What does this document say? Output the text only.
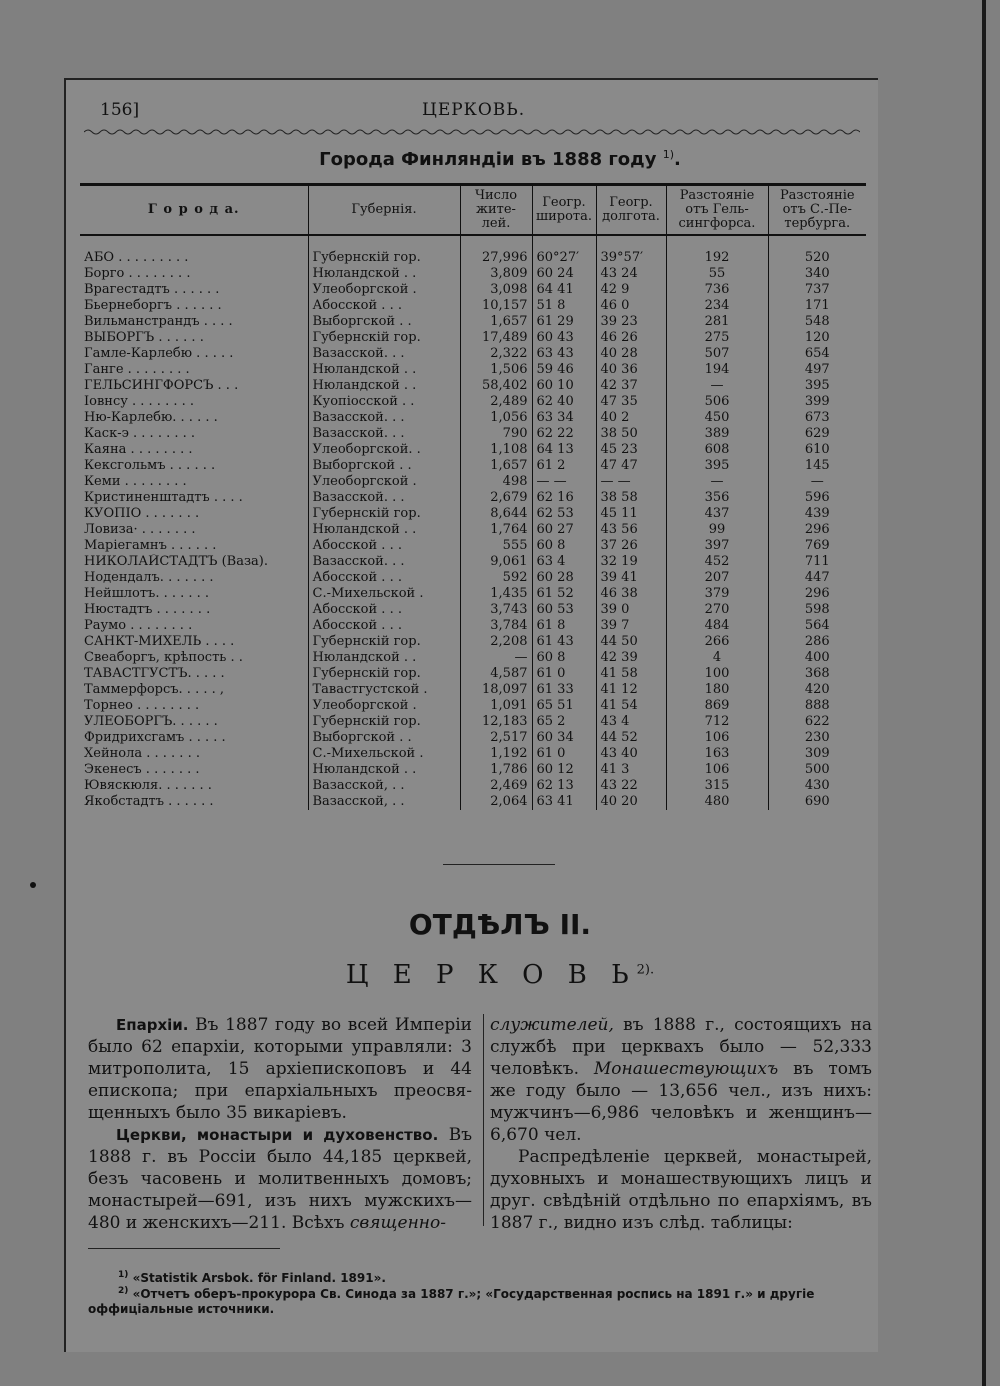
156]	ЦЕРКОВЬ.
Города Финляндіи въ 1888 году $^{1)}$.
Г о р о д а.	Губернія.	Число жите-лей.	Геогр. широта.	Геогр. долгота.	Разстояніе отъ Гель-сингфорса.	Разстояніе отъ С.-Пе-тербурга.

АБО . . . . . . . . .	Губернскій гор.	27,996	60°27′	39°57′	192	520
Борго . . . . . . . .	Нюландской . .	3,809	60 24	43 24	55	340
Врагестадтъ . . . . . .	Улеоборгской .	3,098	64 41	42 9	736	737
Бьернеборгъ . . . . . .	Абосской . . .	10,157	51 8	46 0	234	171
Вильманстрандъ . . . .	Выборгской . .	1,657	61 29	39 23	281	548
ВЫБОРГЪ . . . . . .	Губернскій гор.	17,489	60 43	46 26	275	120
Гамле-Карлебю . . . . .	Вазасской. . .	2,322	63 43	40 28	507	654
Ганге . . . . . . . .	Нюландской . .	1,506	59 46	40 36	194	497
ГЕЛЬСИНГФОРСЪ . . .	Нюландской . .	58,402	60 10	42 37	—	395
Іовнсу . . . . . . . .	Куопіосской . .	2,489	62 40	47 35	506	399
Ню-Карлебю. . . . . .	Вазасской. . .	1,056	63 34	40 2	450	673
Каск-э . . . . . . . .	Вазасской. . .	790	62 22	38 50	389	629
Каяна . . . . . . . .	Улеоборгской. .	1,108	64 13	45 23	608	610
Кексгольмъ . . . . . .	Выборгской . .	1,657	61 2	47 47	395	145
Кеми . . . . . . . .	Улеоборгской .	498	— —	— —	—	—
Кристиненштадтъ . . . .	Вазасской. . .	2,679	62 16	38 58	356	596
КУОПІО . . . . . . .	Губернскій гор.	8,644	62 53	45 11	437	439
Ловиза· . . . . . . .	Нюландской . .	1,764	60 27	43 56	99	296
Маріегамнъ . . . . . .	Абосской . . .	555	60 8	37 26	397	769
НИКОЛАЙСТАДТЪ (Ваза).	Вазасской. . .	9,061	63 4	32 19	452	711
Нодендалъ. . . . . . .	Абосской . . .	592	60 28	39 41	207	447
Нейшлотъ. . . . . . .	С.-Михельской .	1,435	61 52	46 38	379	296
Нюстадтъ . . . . . . .	Абосской . . .	3,743	60 53	39 0	270	598
Раумо . . . . . . . .	Абосской . . .	3,784	61 8	39 7	484	564
САНКТ-МИХЕЛЬ . . . .	Губернскій гор.	2,208	61 43	44 50	266	286
Свеаборгъ, крѣпость . .	Нюландской . .	—	60 8	42 39	4	400
ТАВАСТГУСТЪ. . . . .	Губернскій гор.	4,587	61 0	41 58	100	368
Таммерфорсъ. . . . . ,	Тавастгустской .	18,097	61 33	41 12	180	420
Торнео . . . . . . . .	Улеоборгской .	1,091	65 51	41 54	869	888
УЛЕОБОРГЪ. . . . . .	Губернскій гор.	12,183	65 2	43 4	712	622
Фридрихсгамъ . . . . .	Выборгской . .	2,517	60 34	44 52	106	230
Хейнола . . . . . . .	С.-Михельской .	1,192	61 0	43 40	163	309
Экенесъ . . . . . . .	Нюландской . .	1,786	60 12	41 3	106	500
Ювяскюля. . . . . . .	Вазасской, . .	2,469	62 13	43 22	315	430
Якобстадтъ . . . . . .	Вазасской, . .	2,064	63 41	40 20	480	690
ОТДѢЛЪ II.
Ц Е Р К О В $Ь^{2).}$

Епархіи. Въ 1887 году во всей Имперіи было 62 епархіи, которыми управляли: 3 митрополита, 15 архіепископовъ и 44 епископа; при епархіальныхъ преосвя-щенныхъ было 35 викаріевъ.

Церкви, монастыри и духовенство. Въ 1888 г. въ Россіи было 44,185 церквей, безъ часовень и молитвенныхъ домовъ; монастырей—691, изъ нихъ мужскихъ— 480 и женскихъ—211. Всѣхъ священно-

служителей, въ 1888 г., состоящихъ на службѣ при церквахъ было — 52,333 человѣкъ. Монашествующихъ въ томъ же году было — 13,656 чел., изъ нихъ: мужчинъ—6,986 человѣкъ и женщинъ— 6,670 чел.

Распредѣленіе церквей, монастырей, духовныхъ и монашествующихъ лицъ и друг. свѣдѣній отдѣльно по епархіямъ, въ 1887 г., видно изъ слѣд. таблицы:

$^{1)}$ «Statistik Arsbok. för Finland. 1891».
$^{2)}$ «Отчетъ оберъ-прокурора Св. Синода за 1887 г.»; «Государственная роспись на 1891 г.» и другіе оффиціальные источники.
